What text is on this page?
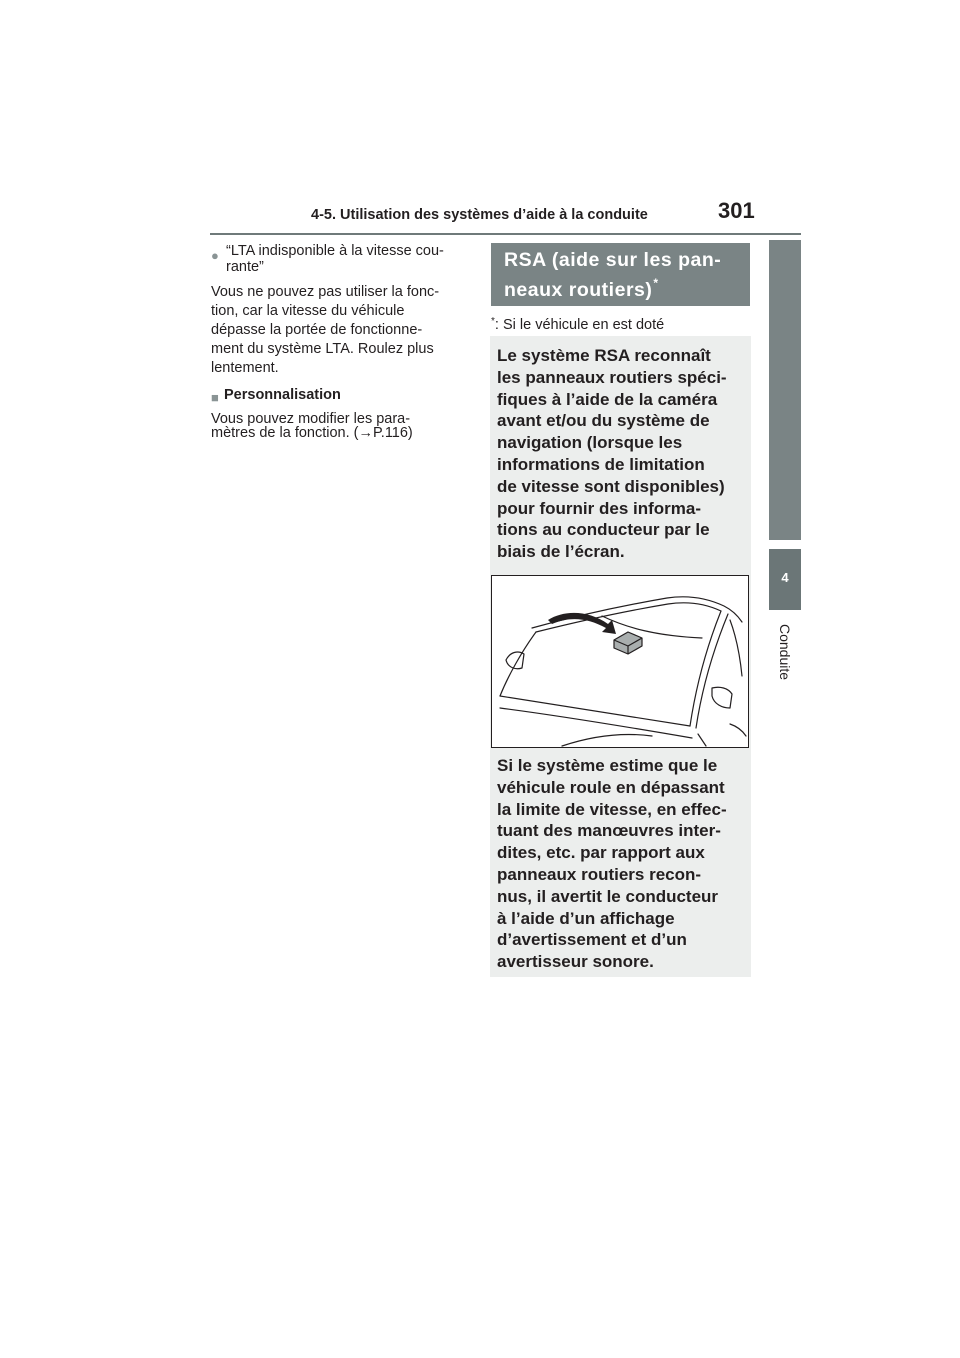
4-5. Utilisation des systèmes d’aide à la conduite	301
4
Conduite
● “LTA indisponible à la vitesse cou-
rante”
Vous ne pouvez pas utiliser la fonc-
tion, car la vitesse du véhicule
dépasse la portée de fonctionne-
ment du système LTA. Roulez plus
lentement.
■ Personnalisation
Vous pouvez modifier les para-
mètres de la fonction. (→P.116)
RSA (aide sur les pan-
neaux routiers)*
*: Si le véhicule en est doté
Le système RSA reconnaît
les panneaux routiers spéci-
fiques à l’aide de la caméra
avant et/ou du système de
navigation (lorsque les
informations de limitation
de vitesse sont disponibles)
pour fournir des informa-
tions au conducteur par le
biais de l’écran.
Si le système estime que le
véhicule roule en dépassant
la limite de vitesse, en effec-
tuant des manœuvres inter-
dites, etc. par rapport aux
panneaux routiers recon-
nus, il avertit le conducteur
à l’aide d’un affichage
d’avertissement et d’un
avertisseur sonore.
